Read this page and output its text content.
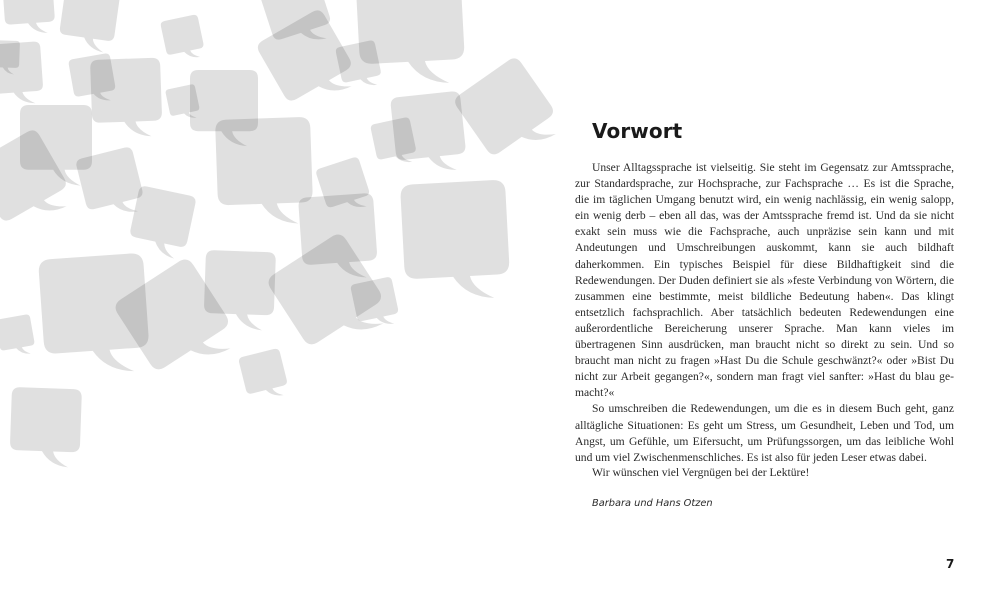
Vorwort

Unser Alltagssprache ist vielseitig. Sie steht im Gegensatz zur Amtssprache, zur Standardsprache, zur Hochsprache, zur Fachsprache … Es ist die Sprache, die im täglichen Umgang benutzt wird, ein wenig nachlässig, ein wenig salopp, ein wenig derb – eben all das, was der Amtssprache fremd ist. Und da sie nicht exakt sein muss wie die Fachsprache, auch unpräzise sein kann und mit Andeutungen und Umschreibungen auskommt, kann sie auch bildhaft daherkommen. Ein typisches Beispiel für diese Bildhaftigkeit sind die Redewendungen. Der Duden definiert sie als »feste Verbindung von Wörtern, die zusammen eine bestimmte, meist bildliche Bedeutung haben«. Das klingt entsetzlich fachsprachlich. Aber tatsächlich bedeuten Redewendungen eine außerordentliche Bereicherung unserer Sprache. Man kann vieles im übertragenen Sinn ausdrücken, man braucht nicht so direkt zu sein. Und so braucht man nicht zu fragen »Hast Du die Schule geschwänzt?« oder »Bist Du nicht zur Arbeit gegangen?«, sondern man fragt viel sanfter: »Hast du blau gemacht?«

So umschreiben die Redewendungen, um die es in diesem Buch geht, ganz alltägliche Situationen: Es geht um Stress, um Gesundheit, Leben und Tod, um Angst, um Gefühle, um Eifersucht, um Prüfungssorgen, um das leibliche Wohl und um viel Zwischenmenschliches. Es ist also für jeden Leser etwas dabei.

Wir wünschen viel Vergnügen bei der Lektüre!

Barbara und Hans Otzen

7
